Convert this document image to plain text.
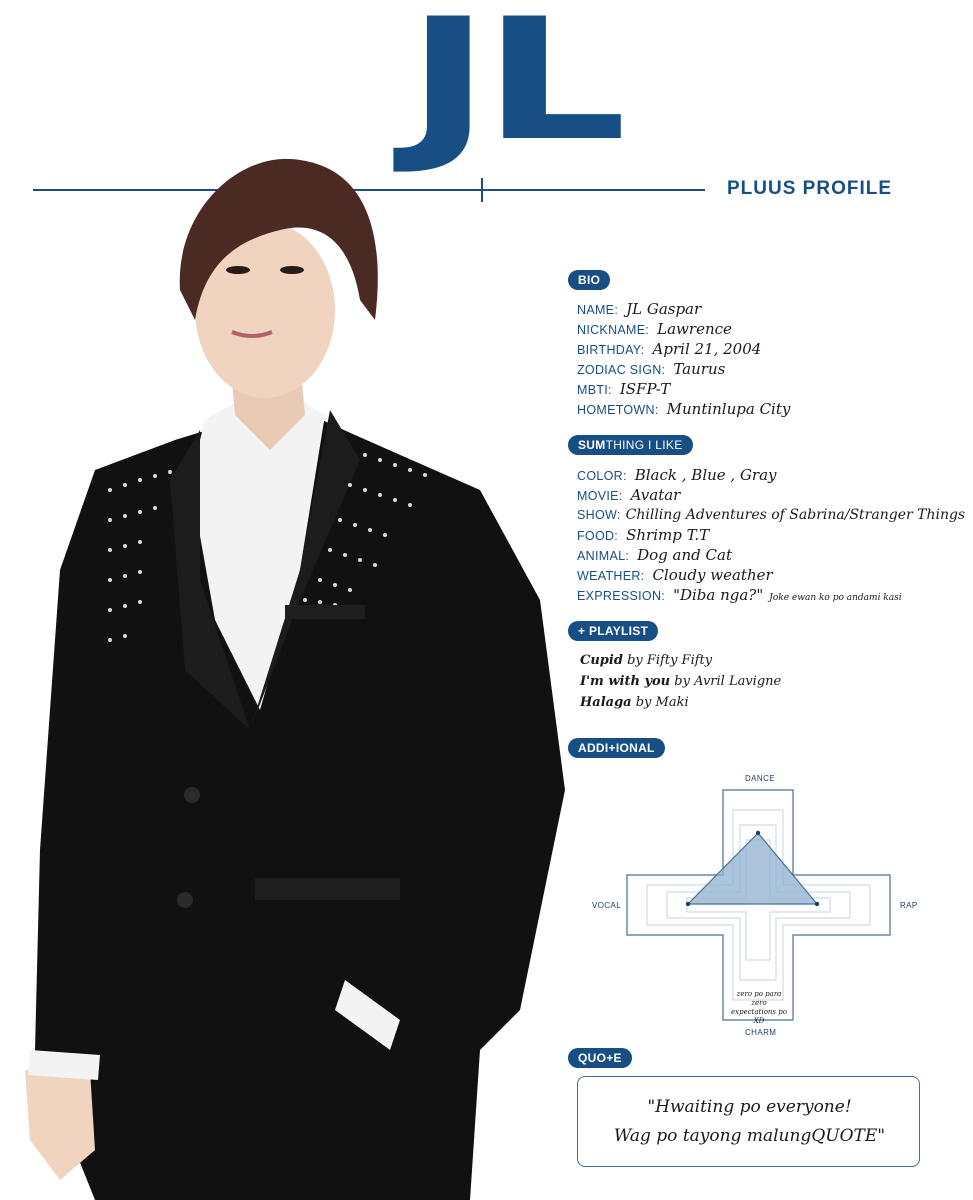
JL
PLUUS PROFILE
BIO
NAME: JL Gaspar
NICKNAME: Lawrence
BIRTHDAY: April 21, 2004
ZODIAC SIGN: Taurus
MBTI: ISFP-T
HOMETOWN: Muntinlupa City
SUMTHING I LIKE
COLOR: Black , Blue , Gray
MOVIE: Avatar
SHOW: Chilling Adventures of Sabrina/Stranger Things
FOOD: Shrimp T.T
ANIMAL: Dog and Cat
WEATHER: Cloudy weather
EXPRESSION: "Diba nga?" Joke ewan ko po andami kasi
+ PLAYLIST
Cupid by Fifty Fifty
I'm with you by Avril Lavigne
Halaga by Maki
ADDI+IONAL
DANCE
VOCAL	RAP
CHARM
zero po para zero
expectations po XD
QUO+E
"Hwaiting po everyone!
Wag po tayong malungQUOTE"
